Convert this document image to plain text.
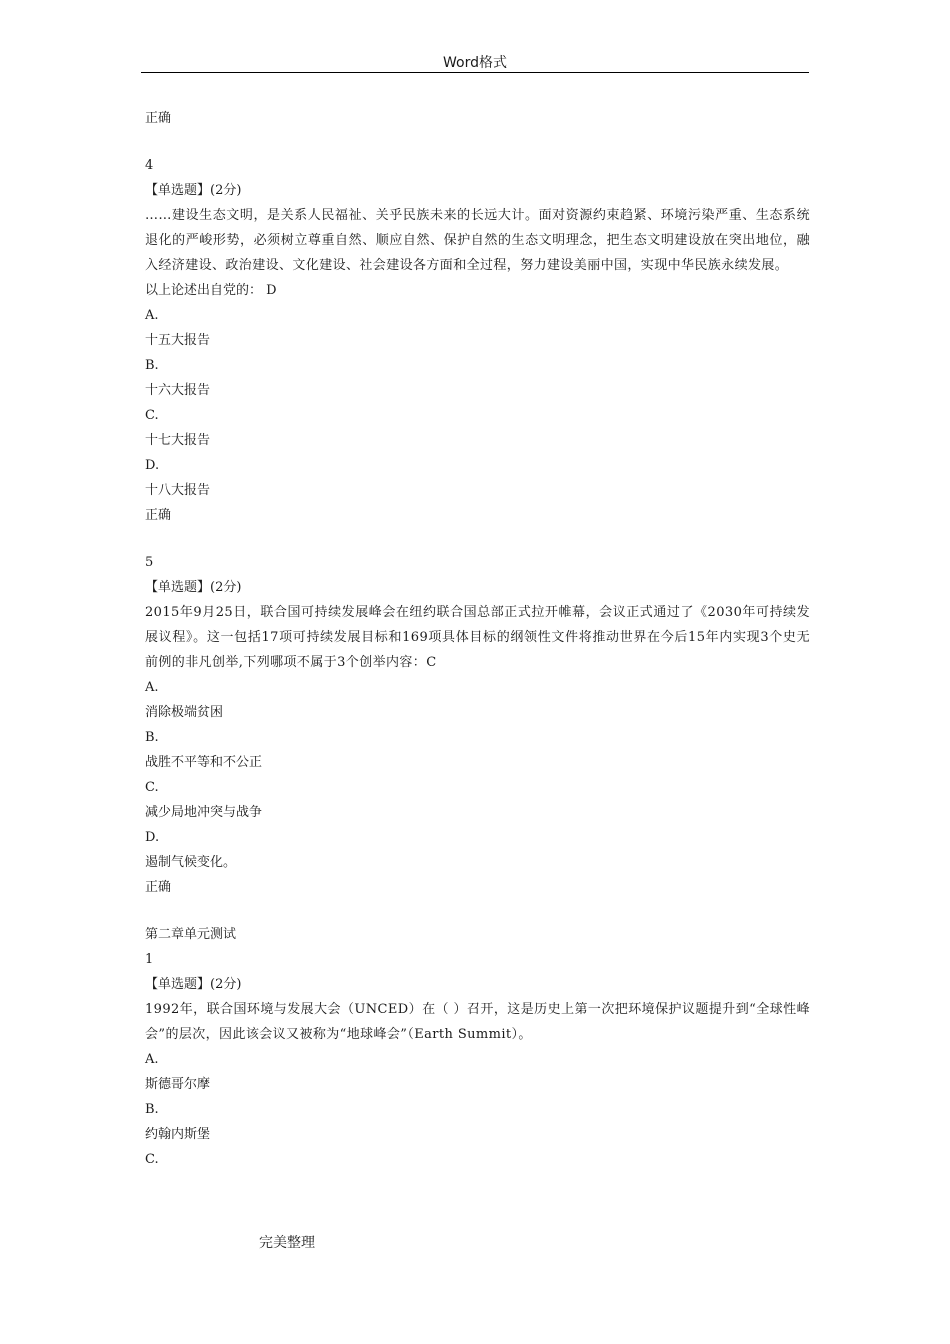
Word格式
正确
4
【单选题】(2分)
……建设生态文明，是关系人民福祉、关乎民族未来的长远大计。面对资源约束趋紧、环境污染严重、生态系统退化的严峻形势，必须树立尊重自然、顺应自然、保护自然的生态文明理念，把生态文明建设放在突出地位，融入经济建设、政治建设、文化建设、社会建设各方面和全过程，努力建设美丽中国，实现中华民族永续发展。
以上论述出自党的： D
A.
十五大报告
B.
十六大报告
C.
十七大报告
D.
十八大报告
正确
5
【单选题】(2分)
2015年9月25日，联合国可持续发展峰会在纽约联合国总部正式拉开帷幕，会议正式通过了《2030年可持续发展议程》。这一包括17项可持续发展目标和169项具体目标的纲领性文件将推动世界在今后15年内实现3个史无前例的非凡创举,下列哪项不属于3个创举内容：C
A.
消除极端贫困
B.
战胜不平等和不公正
C.
减少局地冲突与战争
D.
遏制气候变化。
正确
第二章单元测试
1
【单选题】(2分)
1992年，联合国环境与发展大会（UNCED）在（ ）召开，这是历史上第一次把环境保护议题提升到“全球性峰会”的层次，因此该会议又被称为“地球峰会”（Earth Summit）。
A.
斯德哥尔摩
B.
约翰内斯堡
C.
完美整理
